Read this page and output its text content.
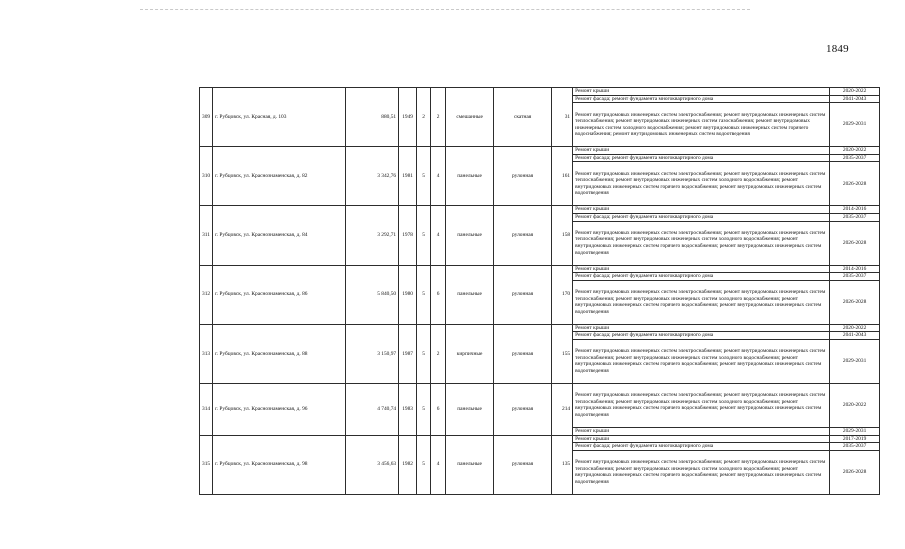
1849
309	г. Рубцовск, ул. Красная, д. 103	880,51	1949	2	2	смешанные	скатная	31	Ремонт крыши	2020-2022
									Ремонт фасада; ремонт фундамента многоквартирного дома	2041-2043
									Ремонт внутридомовых инженерных систем электроснабжения; ремонт внутридомовых инженерных систем теплоснабжения; ремонт внутридомовых инженерных систем газоснабжения; ремонт внутридомовых инженерных систем холодного водоснабжения; ремонт внутридомовых инженерных систем горячего водоснабжения; ремонт внутридомовых инженерных систем водоотведения	2029-2031
310	г. Рубцовск, ул. Краснознаменская, д. 82	3 342,76	1981	5	4	панельные	рулонная	161	Ремонт крыши	2020-2022
									Ремонт фасада; ремонт фундамента многоквартирного дома	2035-2037
									Ремонт внутридомовых инженерных систем электроснабжения; ремонт внутридомовых инженерных систем теплоснабжения; ремонт внутридомовых инженерных систем холодного водоснабжения; ремонт внутридомовых инженерных систем горячего водоснабжения; ремонт внутридомовых инженерных систем водоотведения	2026-2028
311	г. Рубцовск, ул. Краснознаменская, д. 84	3 292,71	1978	5	4	панельные	рулонная	158	Ремонт крыши	2014-2016
									Ремонт фасада; ремонт фундамента многоквартирного дома	2035-2037
									Ремонт внутридомовых инженерных систем электроснабжения; ремонт внутридомовых инженерных систем теплоснабжения; ремонт внутридомовых инженерных систем холодного водоснабжения; ремонт внутридомовых инженерных систем горячего водоснабжения; ремонт внутридомовых инженерных систем водоотведения	2026-2028
312	г. Рубцовск, ул. Краснознаменская, д. 86	5 840,50	1980	5	6	панельные	рулонная	170	Ремонт крыши	2014-2016
									Ремонт фасада; ремонт фундамента многоквартирного дома	2035-2037
									Ремонт внутридомовых инженерных систем электроснабжения; ремонт внутридомовых инженерных систем теплоснабжения; ремонт внутридомовых инженерных систем холодного водоснабжения; ремонт внутридомовых инженерных систем горячего водоснабжения; ремонт внутридомовых инженерных систем водоотведения	2026-2028
313	г. Рубцовск, ул. Краснознаменская, д. 88	3 150,97	1987	5	2	кирпичные	рулонная	155	Ремонт крыши	2020-2022
									Ремонт фасада; ремонт фундамента многоквартирного дома	2041-2043
									Ремонт внутридомовых инженерных систем электроснабжения; ремонт внутридомовых инженерных систем теплоснабжения; ремонт внутридомовых инженерных систем холодного водоснабжения; ремонт внутридомовых инженерных систем горячего водоснабжения; ремонт внутридомовых инженерных систем водоотведения	2029-2031
314	г. Рубцовск, ул. Краснознаменская, д. 96	4 740,74	1983	5	6	панельные	рулонная	214	Ремонт внутридомовых инженерных систем электроснабжения; ремонт внутридомовых инженерных систем теплоснабжения; ремонт внутридомовых инженерных систем холодного водоснабжения; ремонт внутридомовых инженерных систем горячего водоснабжения; ремонт внутридомовых инженерных систем водоотведения	2020-2022
									Ремонт крыши	2029-2031
315	г. Рубцовск, ул. Краснознаменская, д. 98	3 456,63	1982	5	4	панельные	рулонная	135	Ремонт крыши	2017-2019
									Ремонт фасада; ремонт фундамента многоквартирного дома	2035-2037
									Ремонт внутридомовых инженерных систем электроснабжения; ремонт внутридомовых инженерных систем теплоснабжения; ремонт внутридомовых инженерных систем холодного водоснабжения; ремонт внутридомовых инженерных систем горячего водоснабжения; ремонт внутридомовых инженерных систем водоотведения	2026-2028
